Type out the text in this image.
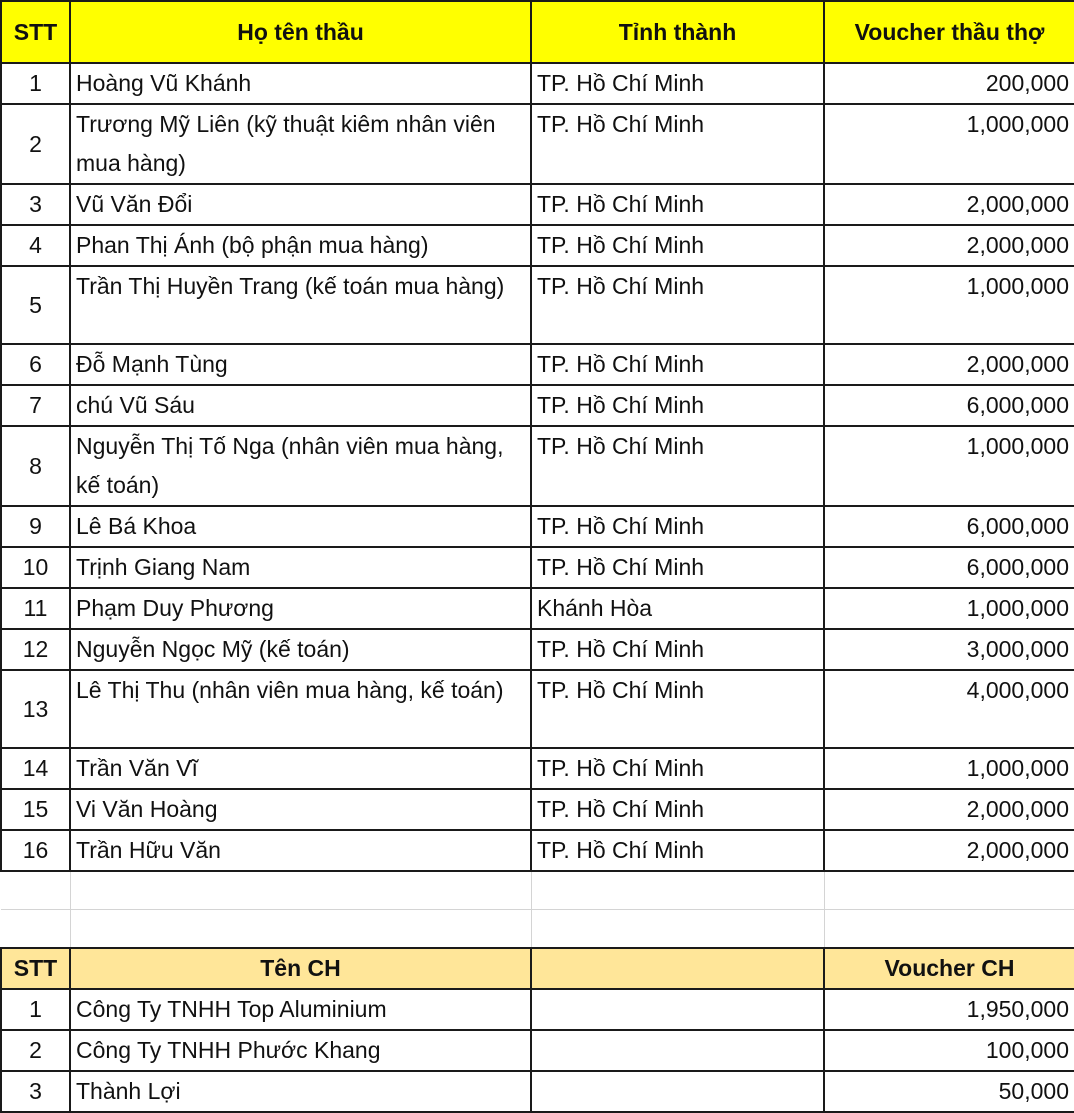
STT	Họ tên thầu	Tỉnh thành	Voucher thầu thợ
1	Hoàng Vũ Khánh	TP. Hồ Chí Minh	200,000
2	Trương Mỹ Liên (kỹ thuật kiêm nhân viên mua hàng)	TP. Hồ Chí Minh	1,000,000
3	Vũ Văn Đổi	TP. Hồ Chí Minh	2,000,000
4	Phan Thị Ánh (bộ phận mua hàng)	TP. Hồ Chí Minh	2,000,000
5	Trần Thị Huyền Trang (kế toán mua hàng)	TP. Hồ Chí Minh	1,000,000
6	Đỗ Mạnh Tùng	TP. Hồ Chí Minh	2,000,000
7	chú Vũ Sáu	TP. Hồ Chí Minh	6,000,000
8	Nguyễn Thị Tố Nga (nhân viên mua hàng, kế toán)	TP. Hồ Chí Minh	1,000,000
9	Lê Bá Khoa	TP. Hồ Chí Minh	6,000,000
10	Trịnh Giang Nam	TP. Hồ Chí Minh	6,000,000
11	Phạm Duy Phương	Khánh Hòa	1,000,000
12	Nguyễn Ngọc Mỹ (kế toán)	TP. Hồ Chí Minh	3,000,000
13	Lê Thị Thu (nhân viên mua hàng, kế toán)	TP. Hồ Chí Minh	4,000,000
14	Trần Văn Vĩ	TP. Hồ Chí Minh	1,000,000
15	Vi Văn Hoàng	TP. Hồ Chí Minh	2,000,000
16	Trần Hữu Văn	TP. Hồ Chí Minh	2,000,000

STT	Tên CH		Voucher CH
1	Công Ty TNHH Top Aluminium		1,950,000
2	Công Ty TNHH Phước Khang		100,000
3	Thành Lợi		50,000
